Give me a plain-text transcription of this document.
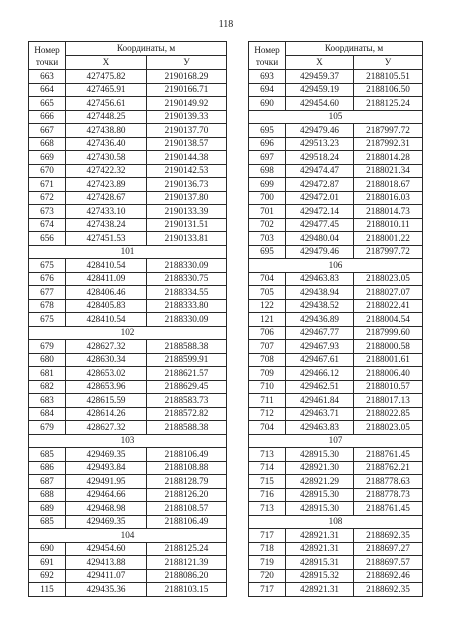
118
Номер точки	Координаты, м	
	X	У
663	427475.82	2190168.29
664	427465.91	2190166.71
665	427456.61	2190149.92
666	427448.25	2190139.33
667	427438.80	2190137.70
668	427436.40	2190138.57
669	427430.58	2190144.38
670	427422.32	2190142.53
671	427423.89	2190136.73
672	427428.67	2190137.80
673	427433.10	2190133.39
674	427438.24	2190131.51
656	427451.53	2190133.81
101		
675	428410.54	2188330.09
676	428411.09	2188330.75
677	428406.46	2188334.55
678	428405.83	2188333.80
675	428410.54	2188330.09
102		
679	428627.32	2188588.38
680	428630.34	2188599.91
681	428653.02	2188621.57
682	428653.96	2188629.45
683	428615.59	2188583.73
684	428614.26	2188572.82
679	428627.32	2188588.38
103		
685	429469.35	2188106.49
686	429493.84	2188108.88
687	429491.95	2188128.79
688	429464.66	2188126.20
689	429468.98	2188108.57
685	429469.35	2188106.49
104		
690	429454.60	2188125.24
691	429413.88	2188121.39
692	429411.07	2188086.20
115	429435.36	2188103.15
Номер точки	Координаты, м	
	X	У
693	429459.37	2188105.51
694	429459.19	2188106.50
690	429454.60	2188125.24
105		
695	429479.46	2187997.72
696	429513.23	2187992.31
697	429518.24	2188014.28
698	429474.47	2188021.34
699	429472.87	2188018.67
700	429472.01	2188016.03
701	429472.14	2188014.73
702	429477.45	2188010.11
703	429480.04	2188001.22
695	429479.46	2187997.72
106		
704	429463.83	2188023.05
705	429438.94	2188027.07
122	429438.52	2188022.41
121	429436.89	2188004.54
706	429467.77	2187999.60
707	429467.93	2188000.58
708	429467.61	2188001.61
709	429466.12	2188006.40
710	429462.51	2188010.57
711	429461.84	2188017.13
712	429463.71	2188022.85
704	429463.83	2188023.05
107		
713	428915.30	2188761.45
714	428921.30	2188762.21
715	428921.29	2188778.63
716	428915.30	2188778.73
713	428915.30	2188761.45
108		
717	428921.31	2188692.35
718	428921.31	2188697.27
719	428915.31	2188697.57
720	428915.32	2188692.46
717	428921.31	2188692.35
